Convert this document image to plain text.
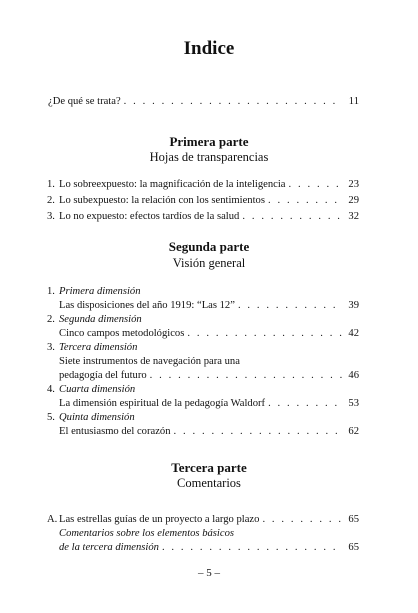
Indice
¿De qué se trata? . . .	11
Primera parte
Hojas de transparencias
1. Lo sobreexpuesto: la magnificación de la inteligencia . . .	23
2. Lo subexpuesto: la relación con los sentimientos . . .	29
3. Lo no expuesto: efectos tardíos de la salud . . .	32
Segunda parte
Visión general
1. Primera dimensión
Las disposiciones del año 1919: “Las 12” . . .	39
2. Segunda dimensión
Cinco campos metodológicos . . .	42
3. Tercera dimensión
Siete instrumentos de navegación para una
pedagogía del futuro . . .	46
4. Cuarta dimensión
La dimensión espiritual de la pedagogía Waldorf . . .	53
5. Quinta dimensión
El entusiasmo del corazón . . .	62
Tercera parte
Comentarios
A. Las estrellas guías de un proyecto a largo plazo . . .	65
Comentarios sobre los elementos básicos
de la tercera dimensión . . .	65
– 5 –
